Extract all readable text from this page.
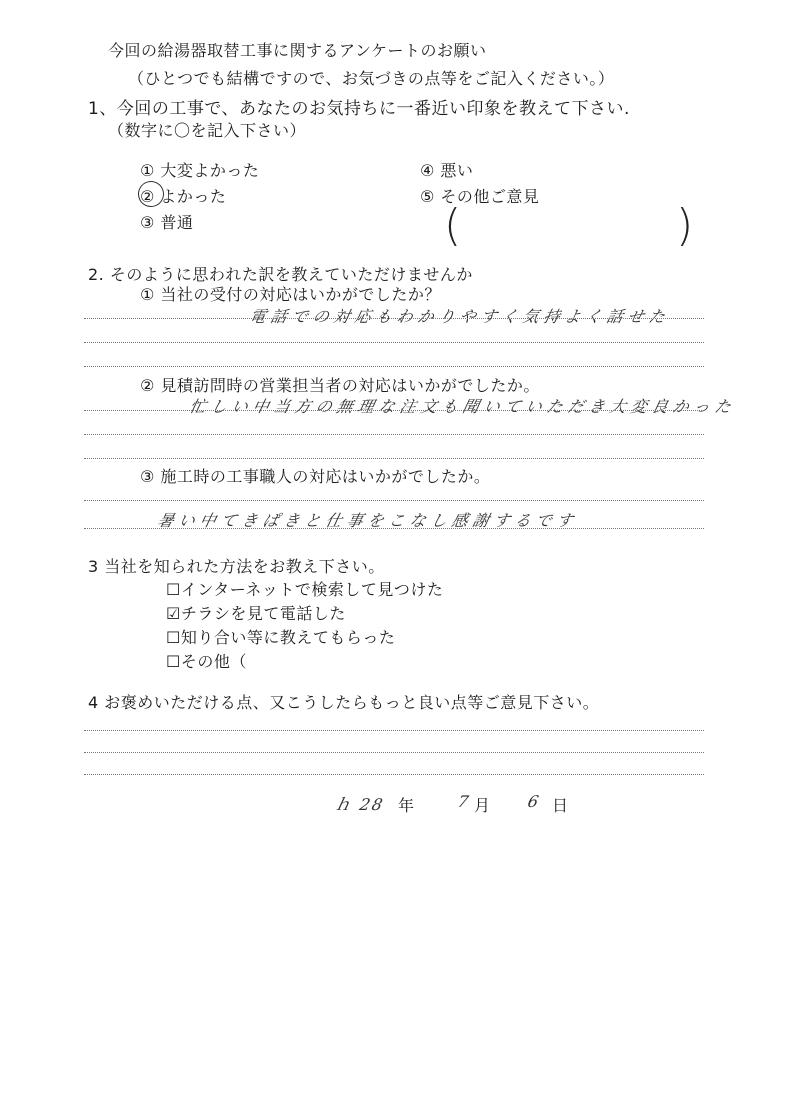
今回の給湯器取替工事に関するアンケートのお願い
（ひとつでも結構ですので、お気づきの点等をご記入ください。）
1、今回の工事で、あなたのお気持ちに一番近い印象を教えて下さい.
（数字に〇を記入下さい）
① 大変よかった
② よかった
③ 普通
④ 悪い
⑤ その他ご意見
(	)
2. そのように思われた訳を教えていただけませんか
① 当社の受付の対応はいかがでしたか？
電話での対応もわかりやすく気持よく話せた
② 見積訪問時の営業担当者の対応はいかがでしたか。
忙しい中当方の無理な注文も聞いていただき大変良かった
③ 施工時の工事職人の対応はいかがでしたか。
暑い中てきぱきと仕事をこなし感謝するです
3 当社を知られた方法をお教え下さい。
☐インターネットで検索して見つけた
☑チラシを見て電話した
☐知り合い等に教えてもらった
☐その他（
4 お褒めいただける点、又こうしたらもっと良い点等ご意見下さい。
ｈ 28 年	7
月 6 日
